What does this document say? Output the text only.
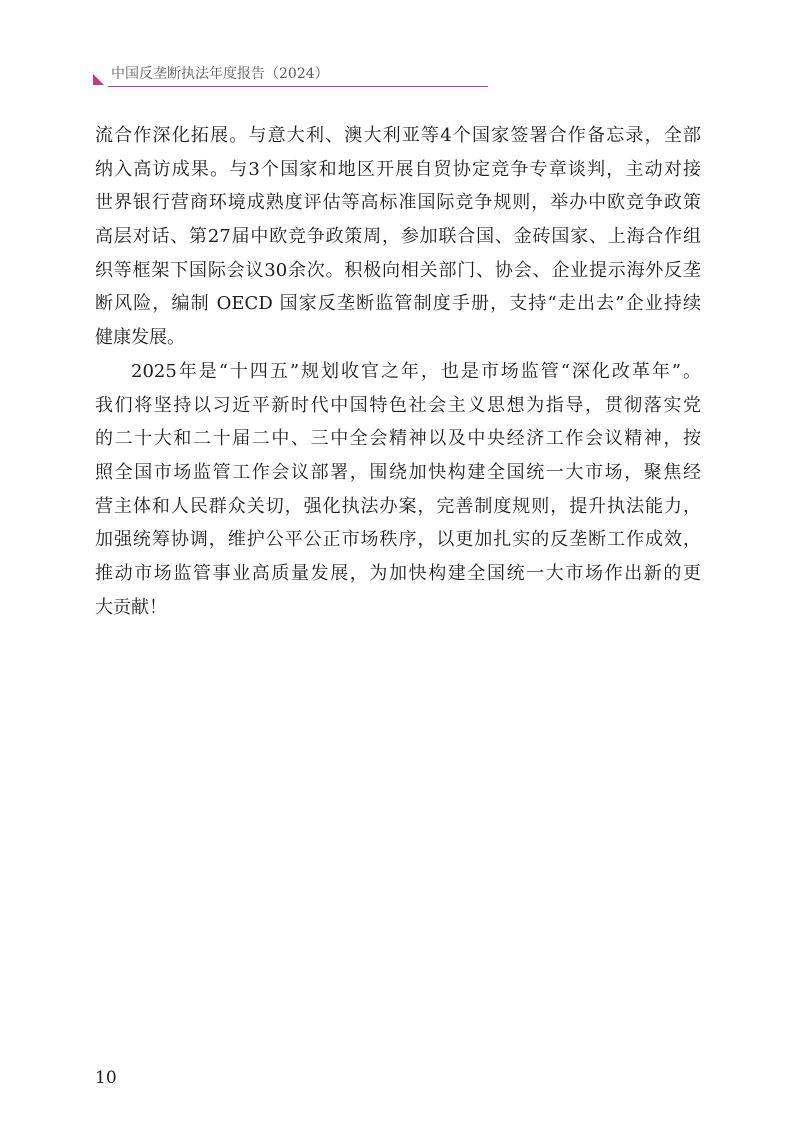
中国反垄断执法年度报告（2024）
流合作深化拓展。与意大利、澳大利亚等4个国家签署合作备忘录，全部
纳入高访成果。与3个国家和地区开展自贸协定竞争专章谈判，主动对接
世界银行营商环境成熟度评估等高标准国际竞争规则，举办中欧竞争政策
高层对话、第27届中欧竞争政策周，参加联合国、金砖国家、上海合作组
织等框架下国际会议30余次。积极向相关部门、协会、企业提示海外反垄
断风险，编制 OECD 国家反垄断监管制度手册，支持“走出去”企业持续
健康发展。
2025年是“十四五”规划收官之年，也是市场监管“深化改革年”。
我们将坚持以习近平新时代中国特色社会主义思想为指导，贯彻落实党
的二十大和二十届二中、三中全会精神以及中央经济工作会议精神，按
照全国市场监管工作会议部署，围绕加快构建全国统一大市场，聚焦经
营主体和人民群众关切，强化执法办案，完善制度规则，提升执法能力，
加强统筹协调，维护公平公正市场秩序，以更加扎实的反垄断工作成效，
推动市场监管事业高质量发展，为加快构建全国统一大市场作出新的更
大贡献！
10
